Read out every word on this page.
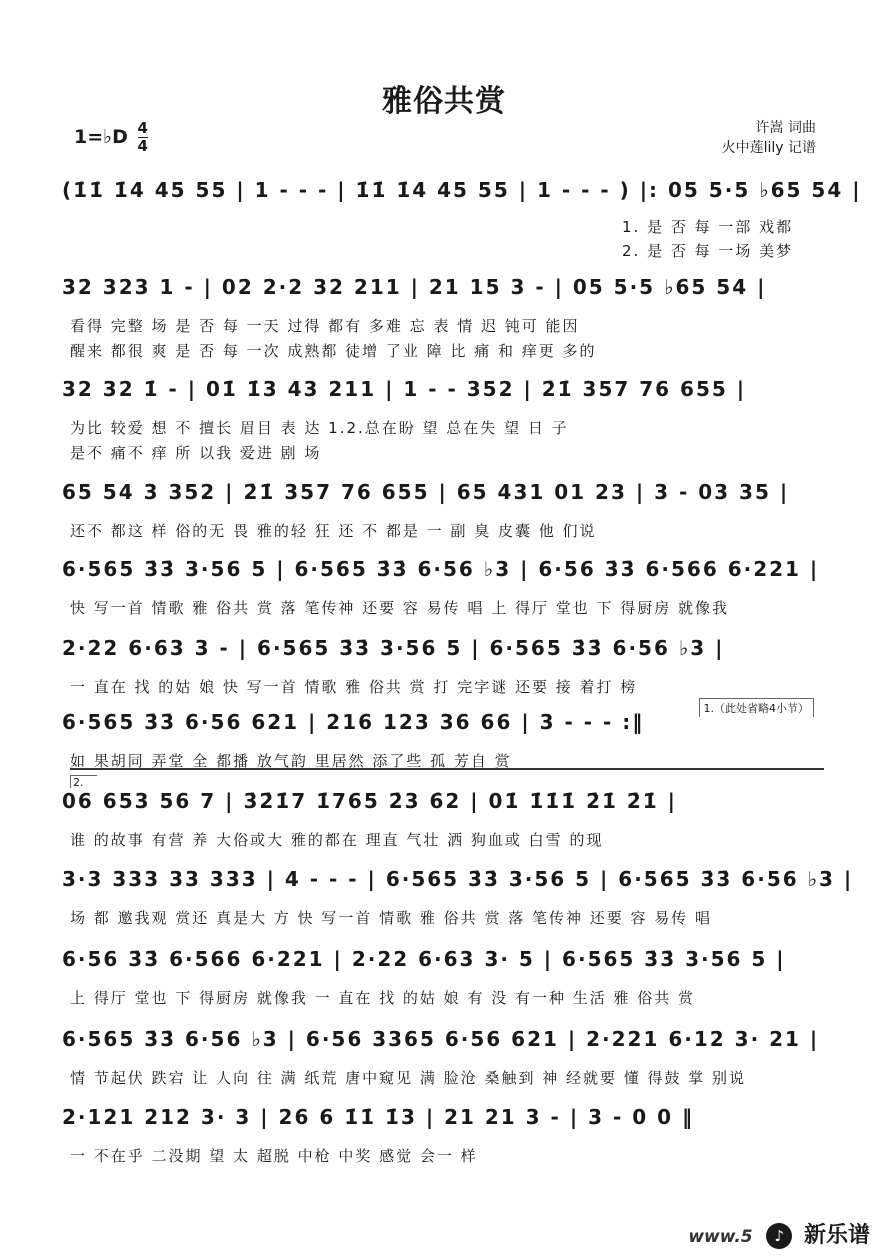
雅俗共赏
1=♭D $\frac{4}{4}$	许嵩 词曲
火中莲lily 记谱
(1̇1̇ 1̇4 45 55 | 1 - - - | 1̇1̇ 1̇4 45 55 | 1 - - - ) |: 05 5·5 ♭65 54 |
1. 是 否 每 一部 戏都
2. 是 否 每 一场 美梦
32 323 1 - | 02 2·2 32 211 | 21 15 3 - | 05 5·5 ♭65 54 |
看得 完整 场 是 否 每 一天 过得 都有 多难 忘 表 情 迟 钝可 能因
醒来 都很 爽 是 否 每 一次 成熟都 徒增 了业 障 比 痛 和 痒更 多的
32 32 1̇ - | 01̇ 1̇3 43 211 | 1 - - 352 | 2̇1̇ 357 76 655 |
为比 较爱 想 不 擅长 眉目 表 达 1.2.总在盼 望 总在失 望 日 子
是不 痛不 痒 所 以我 爱进 剧 场
65 54 3 352 | 2̇1̇ 357 76 655 | 65 431 01 23 | 3 - 03 35 |
还不 都这 样 俗的无 畏 雅的轻 狂 还 不 都是 一 副 臭 皮囊 他 们说
6·565 3̇3̇ 3·56 5 | 6·565 3̇3̇ 6·56 ♭3 | 6·56 3̇3̇ 6·566 6·221 |
快 写一首 情歌 雅 俗共 赏 落 笔传神 还要 容 易传 唱 上 得厅 堂也 下 得厨房 就像我
2·22 6·63 3 - | 6·565 3̇3̇ 3·56 5 | 6·565 3̇3̇ 6·56 ♭3 |
一 直在 找 的姑 娘 快 写一首 情歌 雅 俗共 赏 打 完字谜 还要 接 着打 榜
6·565 3̇3̇ 6·56 621 | 216 123 36 66 | 3 - - - :‖
1.（此处省略4小节）
如 果胡同 弄堂 全 都播 放气韵 里居然 添了些 孤 芳自 赏
2.
06 653 56 7 | 3̇2̇1̇7 1̇765 2̇3 6̇2 | 01̇ 1̇1̇1̇ 2̇1̇ 2̇1̇ |
谁 的故事 有营 养 大俗或大 雅的都在 理直 气壮 洒 狗血或 白雪 的现
3·3 333 33 333 | 4 - - - | 6·565 3̇3̇ 3·56 5 | 6·565 3̇3̇ 6·56 ♭3 |
场 都 邀我观 赏还 真是大 方 快 写一首 情歌 雅 俗共 赏 落 笔传神 还要 容 易传 唱
6·56 3̇3̇ 6·566 6·221 | 2·22 6·63 3· 5 | 6·565 3̇3̇ 3·56 5 |
上 得厅 堂也 下 得厨房 就像我 一 直在 找 的姑 娘 有 没 有一种 生活 雅 俗共 赏
6·565 3̇3̇ 6·56 ♭3 | 6·56 3365 6·56 621 | 2·221 6·12 3· 21 |
情 节起伏 跌宕 让 人向 往 满 纸荒 唐中窥见 满 脸沧 桑触到 神 经就要 懂 得鼓 掌 别说
2·121 212 3· 3 | 26 6 1̇1̇ 1̇3 | 21 21 3 - | 3 - 0 0 ‖
一 不在乎 二没期 望 太 超脱 中枪 中奖 感觉 会一 样
www.5 ♪ 新乐谱
